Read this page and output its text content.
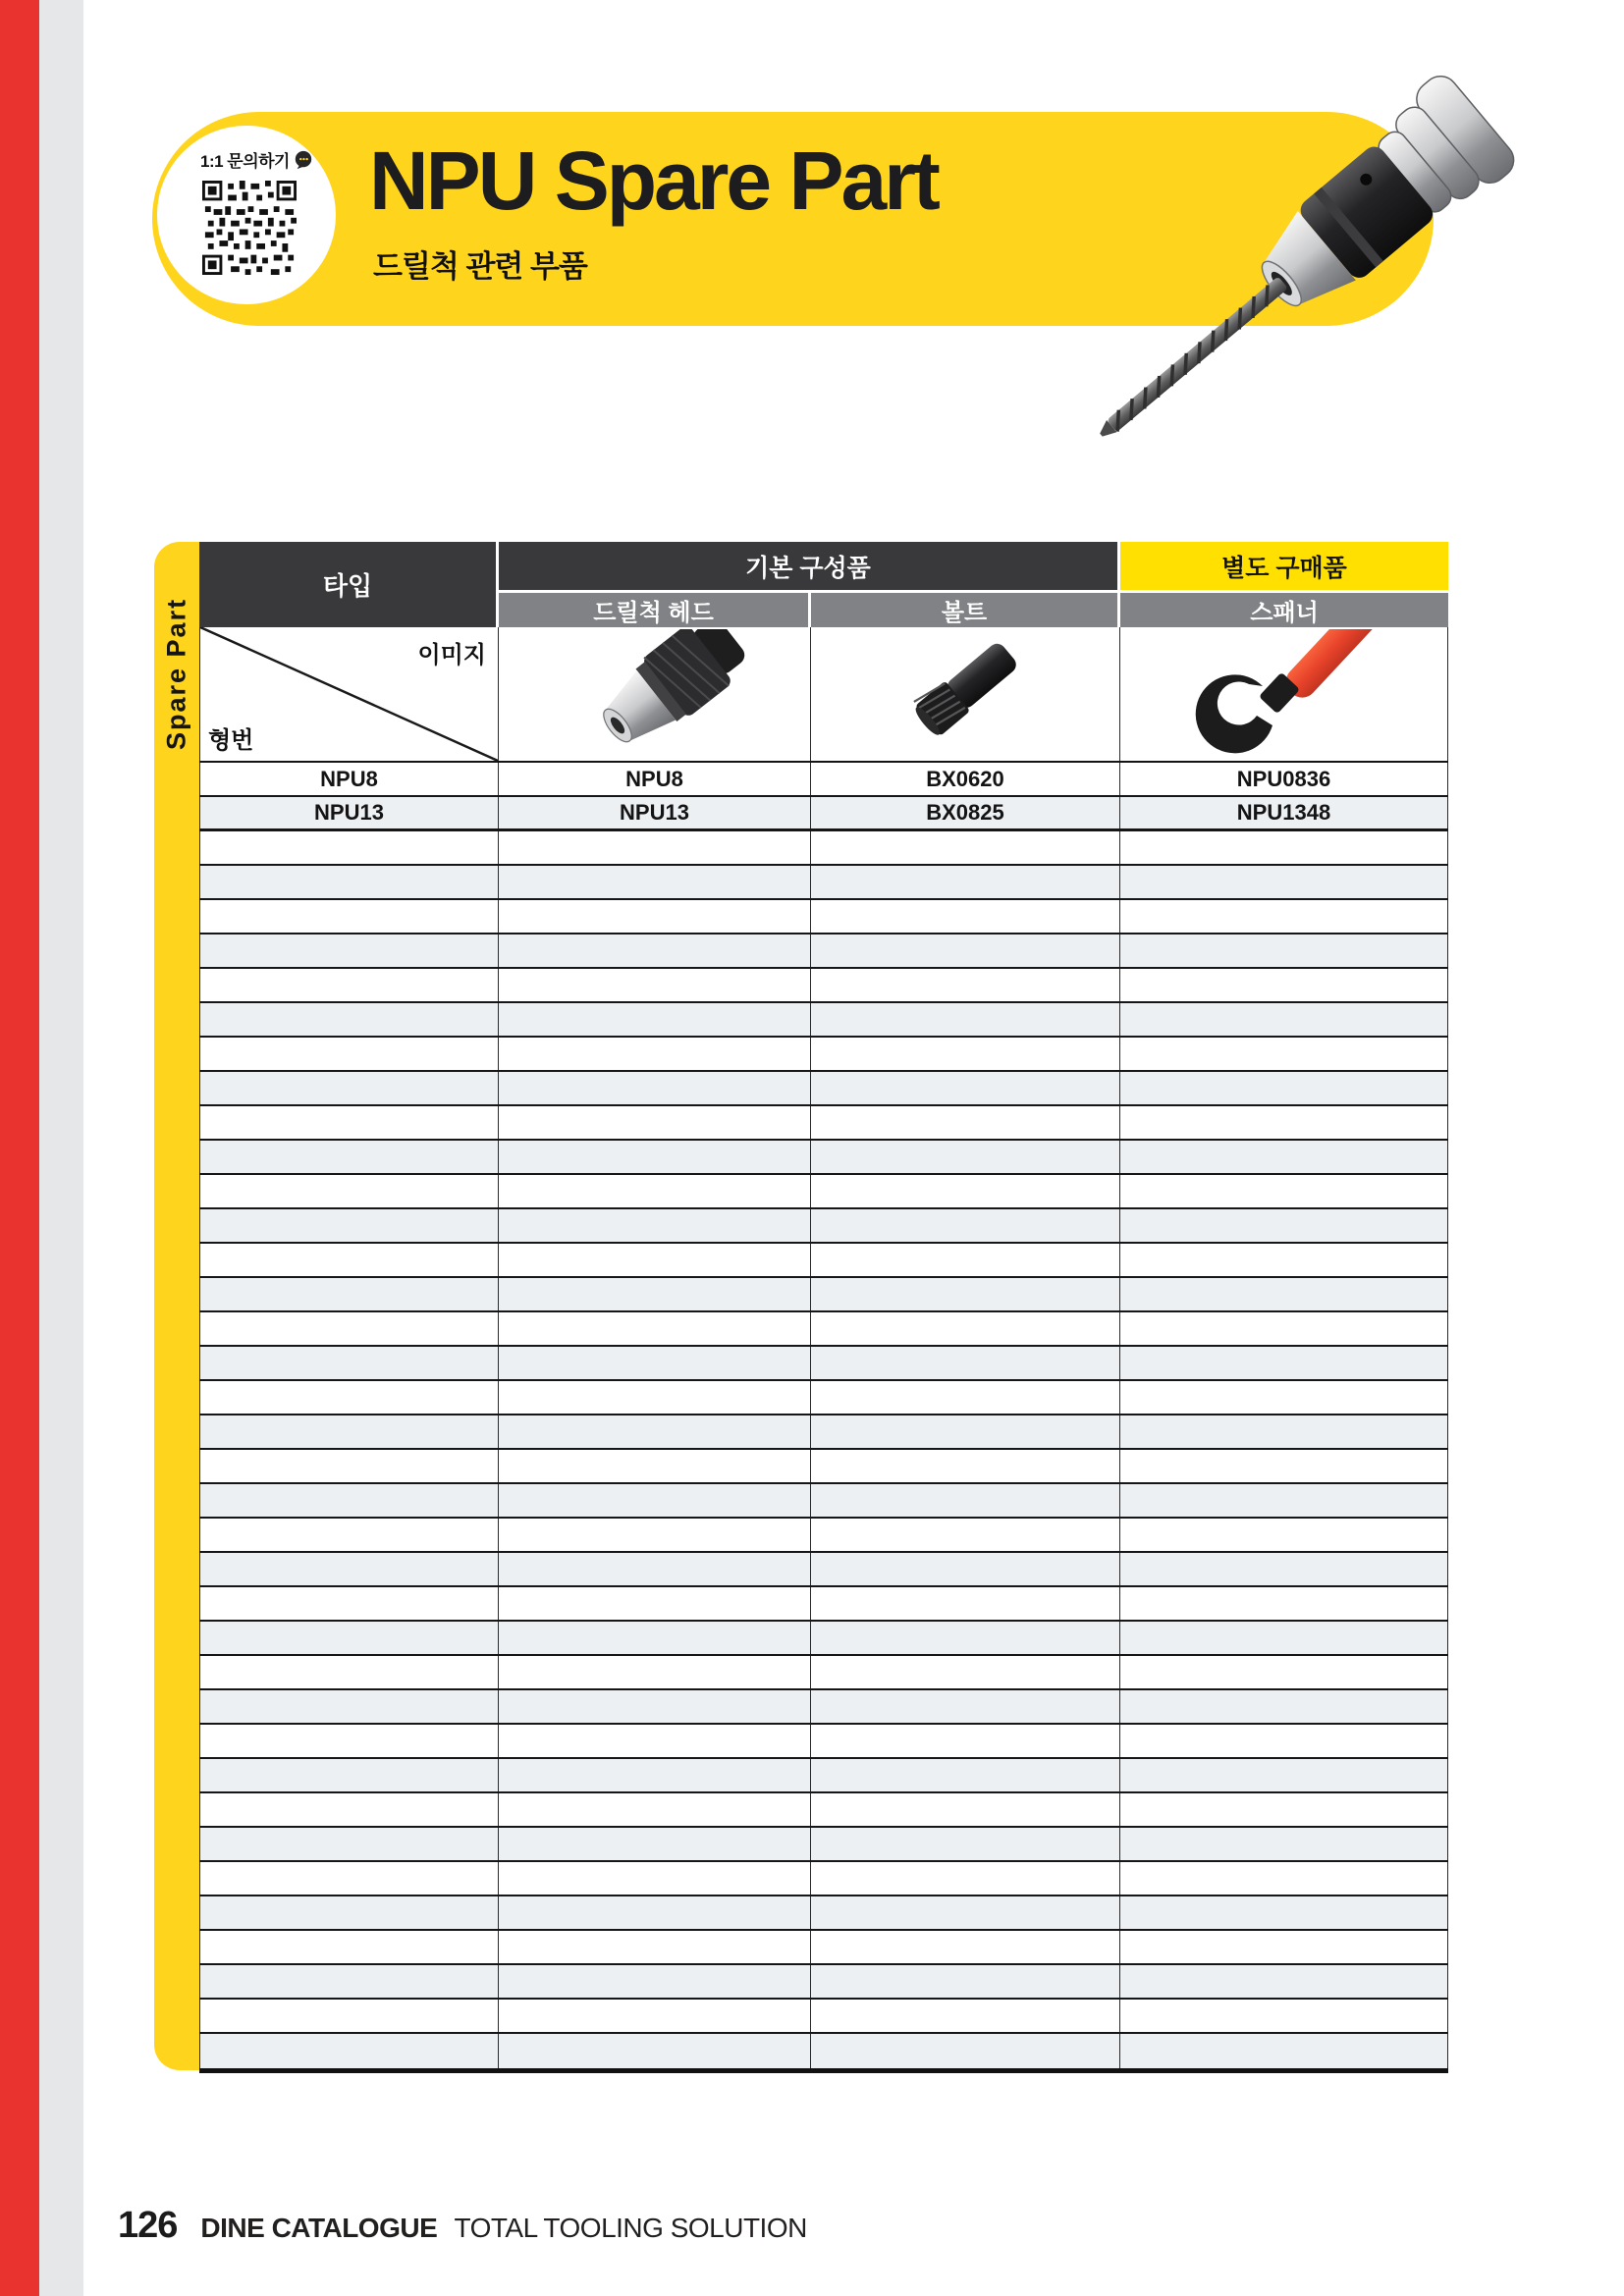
1:1 문의하기 NPU Spare Part
드릴척 관련 부품
Spare Part
타입
기본 구성품	별도 구매품
드릴척 헤드	볼트	스패너
이미지
형번
NPU8	NPU8	BX0620	NPU0836
NPU13	NPU13	BX0825	NPU1348
126 DINE CATALOGUE TOTAL TOOLING SOLUTION
